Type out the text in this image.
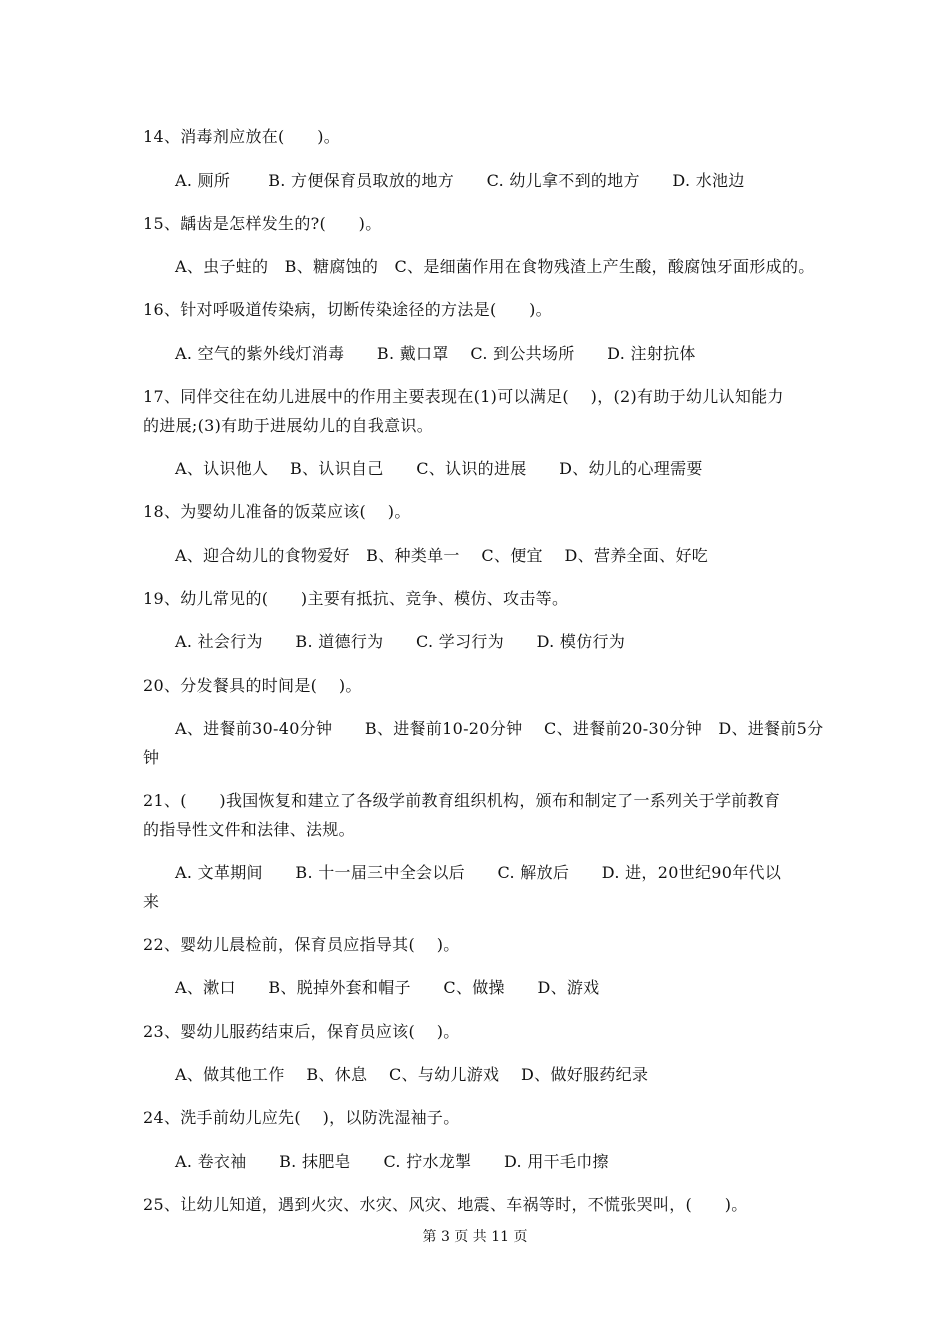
14、消毒剂应放在(　　)。
A. 厕所　　 B. 方便保育员取放的地方　　C. 幼儿拿不到的地方　　D. 水池边
15、龋齿是怎样发生的?(　　)。
A、虫子蛀的　B、糖腐蚀的　C、是细菌作用在食物残渣上产生酸，酸腐蚀牙面形成的。
16、针对呼吸道传染病，切断传染途径的方法是(　　)。
A. 空气的紫外线灯消毒　　B. 戴口罩　 C. 到公共场所　　D. 注射抗体
17、同伴交往在幼儿进展中的作用主要表现在(1)可以满足(　 )，(2)有助于幼儿认知能力
的进展;(3)有助于进展幼儿的自我意识。
A、认识他人　 B、认识自己　　C、认识的进展　　D、幼儿的心理需要
18、为婴幼儿准备的饭菜应该(　 )。
A、迎合幼儿的食物爱好　B、种类单一　 C、便宜　 D、营养全面、好吃
19、幼儿常见的(　　)主要有抵抗、竞争、模仿、攻击等。
A. 社会行为　　B. 道德行为　　C. 学习行为　　D. 模仿行为
20、分发餐具的时间是(　 )。
A、进餐前30-40分钟　　B、进餐前10-20分钟　 C、进餐前20-30分钟　D、进餐前5分
钟
21、(　　)我国恢复和建立了各级学前教育组织机构，颁布和制定了一系列关于学前教育
的指导性文件和法律、法规。
A. 文革期间　　B. 十一届三中全会以后　　C. 解放后　　D. 进，20世纪90年代以
来
22、婴幼儿晨检前，保育员应指导其(　 )。
A、漱口　　B、脱掉外套和帽子　　C、做操　　D、游戏
23、婴幼儿服药结束后，保育员应该(　 )。
A、做其他工作　 B、休息　 C、与幼儿游戏　 D、做好服药纪录
24、洗手前幼儿应先(　 )，以防洗湿袖子。
A. 卷衣袖　　B. 抹肥皂　　C. 拧水龙掣　　D. 用干毛巾擦
25、让幼儿知道，遇到火灾、水灾、风灾、地震、车祸等时，不慌张哭叫，(　　)。
第 3 页 共 11 页
